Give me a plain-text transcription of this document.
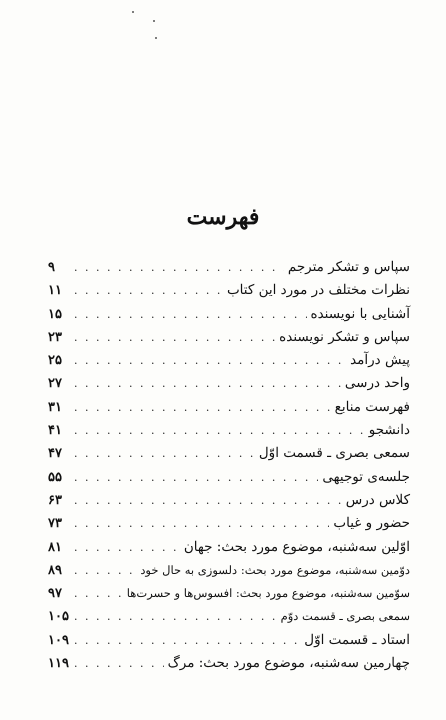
فهرست
سپاس و تشکر مترجم
. . .
۹
نظرات مختلف در مورد این کتاب
. . .
۱۱
آشنایی با نویسنده
. . .
۱۵
سپاس و تشکر نویسنده
. . .
۲۳
پیش درآمد
. . .
۲۵
واحد درسی
. . .
۲۷
فهرست منابع
. . .
۳۱
دانشجو
. . .
۴۱
سمعی بصری ـ قسمت اوّل
. . .
۴۷
جلسه‌ی توجیهی
. . .
۵۵
کلاس درس
. . .
۶۳
حضور و غیاب
. . .
۷۳
اوّلین سه‌شنبه، موضوع مورد بحث: جهان
. . .
۸۱
دوّمین سه‌شنبه، موضوع مورد بحث: دلسوزی به حال خود
. . .
۸۹
سوّمین سه‌شنبه، موضوع مورد بحث: افسوس‌ها و حسرت‌ها
. . .
۹۷
سمعی بصری ـ قسمت دوّم
. . .
۱۰۵
استاد ـ قسمت اوّل
. . .
۱۰۹
چهارمین سه‌شنبه، موضوع مورد بحث: مرگ
. . .
۱۱۹
